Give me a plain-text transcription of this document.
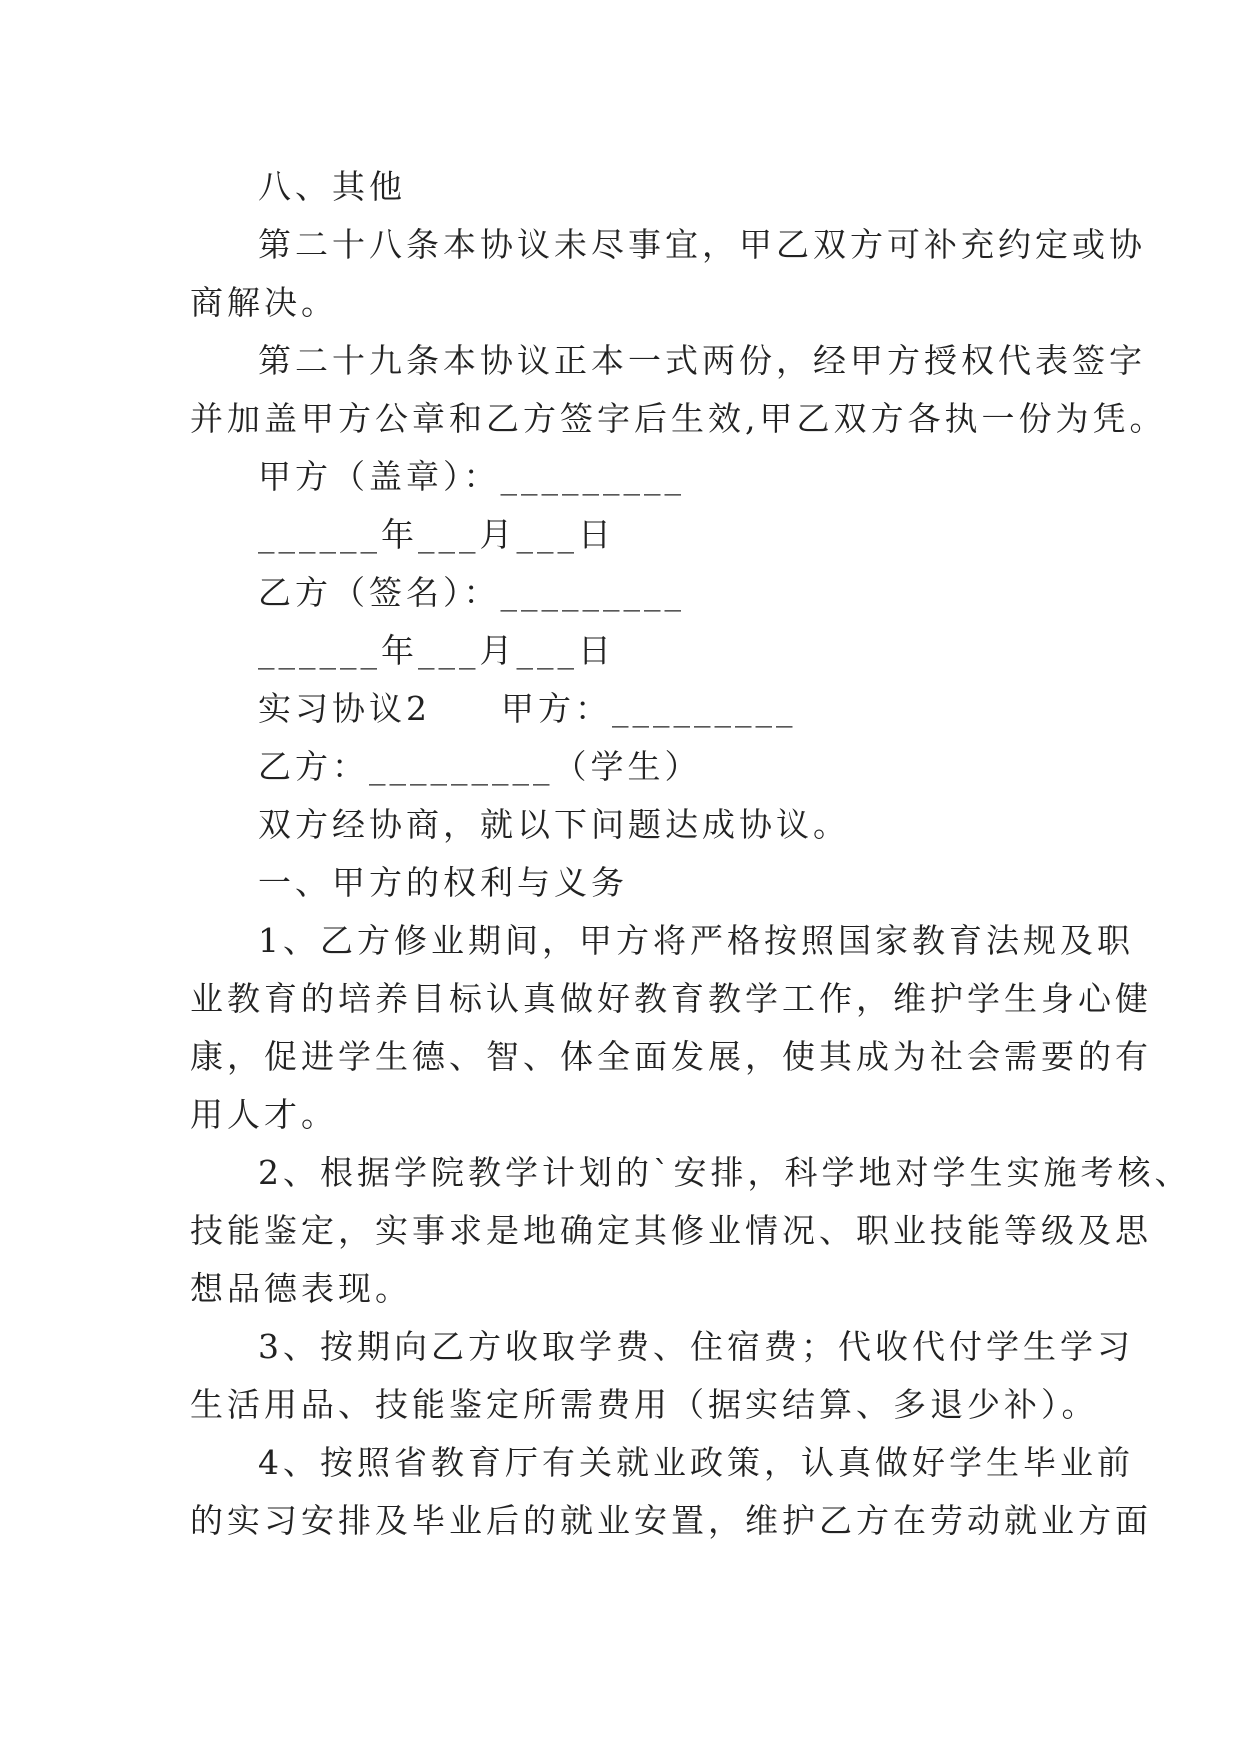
八、其他
第二十八条本协议未尽事宜，甲乙双方可补充约定或协
商解决。
第二十九条本协议正本一式两份，经甲方授权代表签字
并加盖甲方公章和乙方签字后生效,甲乙双方各执一份为凭。
甲方（盖章）：_________
______年___月___日
乙方（签名）：_________
______年___月___日
实习协议2 甲方：_________
乙方：_________（学生）
双方经协商，就以下问题达成协议。
一、甲方的权利与义务
1、乙方修业期间，甲方将严格按照国家教育法规及职
业教育的培养目标认真做好教育教学工作，维护学生身心健
康，促进学生德、智、体全面发展，使其成为社会需要的有
用人才。
2、根据学院教学计划的`安排，科学地对学生实施考核、
技能鉴定，实事求是地确定其修业情况、职业技能等级及思
想品德表现。
3、按期向乙方收取学费、住宿费；代收代付学生学习
生活用品、技能鉴定所需费用（据实结算、多退少补）。
4、按照省教育厅有关就业政策，认真做好学生毕业前
的实习安排及毕业后的就业安置，维护乙方在劳动就业方面
